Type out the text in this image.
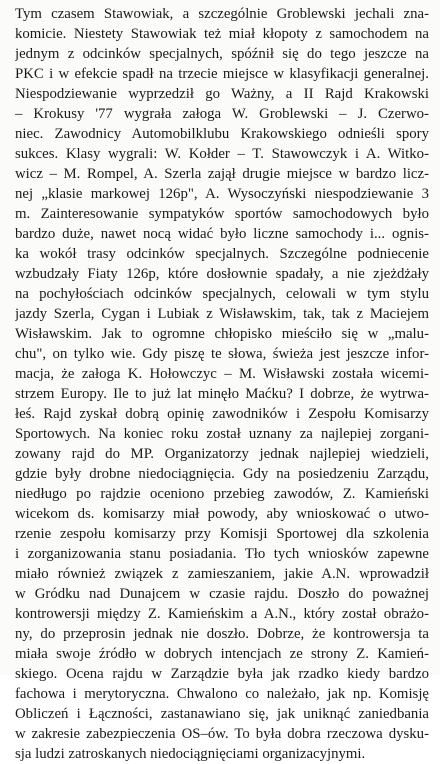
Tym czasem Stawowiak, a szczególnie Groblewski jechali zna-
komicie. Niestety Stawowiak też miał kłopoty z samochodem na
jednym z odcinków specjalnych, spóźnił się do tego jeszcze na
PKC i w efekcie spadł na trzecie miejsce w klasyfikacji generalnej.
Niespodziewanie wyprzedził go Ważny, a II Rajd Krakowski
– Krokusy '77 wygrała załoga W. Groblewski – J. Czerwo-
niec. Zawodnicy Automobilklubu Krakowskiego odnieśli spory
sukces. Klasy wygrali: W. Kołder – T. Stawowczyk i A. Witko-
wicz – M. Rompel, A. Szerla zajął drugie miejsce w bardzo licz-
nej „klasie markowej 126p", A. Wysoczyński niespodziewanie 3
m. Zainteresowanie sympatyków sportów samochodowych było
bardzo duże, nawet nocą widać było liczne samochody i... ognis-
ka wokół trasy odcinków specjalnych. Szczególne podniecenie
wzbudzały Fiaty 126p, które dosłownie spadały, a nie zjeżdżały
na pochyłościach odcinków specjalnych, celowali w tym stylu
jazdy Szerla, Cygan i Lubiak z Wisławskim, tak, tak z Maciejem
Wisławskim. Jak to ogromne chłopisko mieściło się w „malu-
chu", on tylko wie. Gdy piszę te słowa, świeża jest jeszcze infor-
macja, że załoga K. Hołowczyc – M. Wisławski została wicemi-
strzem Europy. Ile to już lat minęło Maćku? I dobrze, że wytrwa-
łeś. Rajd zyskał dobrą opinię zawodników i Zespołu Komisarzy
Sportowych. Na koniec roku został uznany za najlepiej zorgani-
zowany rajd do MP. Organizatorzy jednak najlepiej wiedzieli,
gdzie były drobne niedociągnięcia. Gdy na posiedzeniu Zarządu,
niedługo po rajdzie oceniono przebieg zawodów, Z. Kamieński
wicekom ds. komisarzy miał powody, aby wnioskować o utwo-
rzenie zespołu komisarzy przy Komisji Sportowej dla szkolenia
i zorganizowania stanu posiadania. Tło tych wniosków zapewne
miało również związek z zamieszaniem, jakie A.N. wprowadził
w Gródku nad Dunajcem w czasie rajdu. Doszło do poważnej
kontrowersji między Z. Kamieńskim a A.N., który został obrażo-
ny, do przeprosin jednak nie doszło. Dobrze, że kontrowersja ta
miała swoje źródło w dobrych intencjach ze strony Z. Kamień-
skiego. Ocena rajdu w Zarządzie była jak rzadko kiedy bardzo
fachowa i merytoryczna. Chwalono co należało, jak np. Komisję
Obliczeń i Łączności, zastanawiano się, jak uniknąć zaniedbania
w zakresie zabezpieczenia OS–ów. To była dobra rzeczowa dysku-
sja ludzi zatroskanych niedociągnięciami organizacyjnymi.
